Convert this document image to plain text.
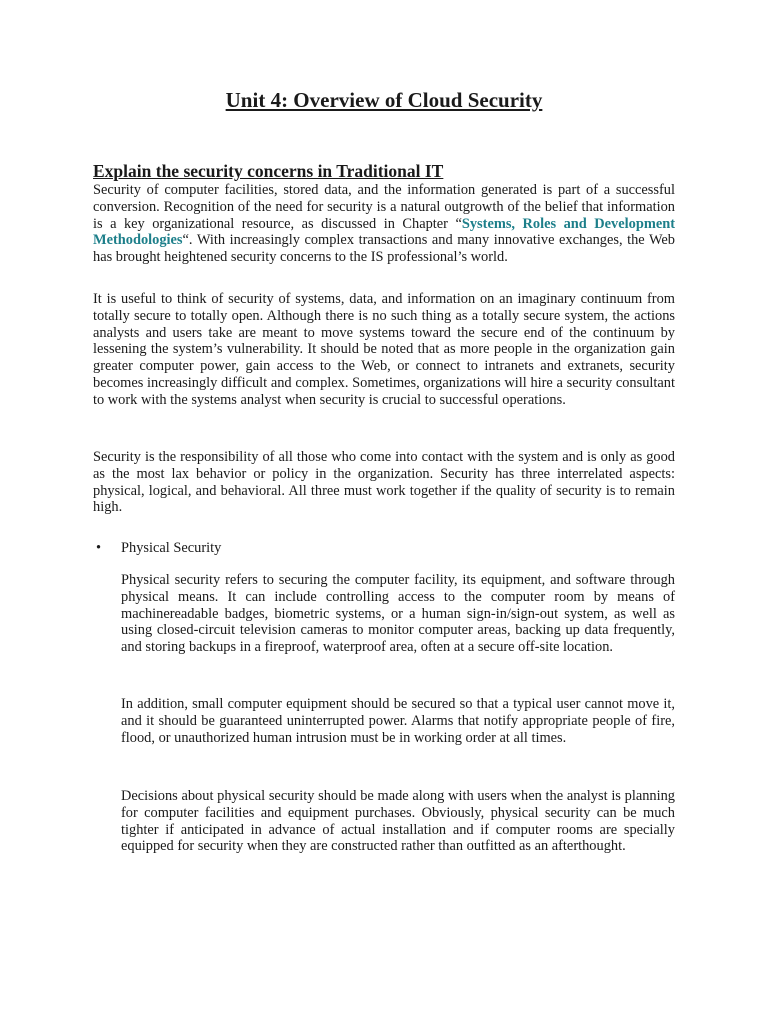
Unit 4: Overview of Cloud Security
Explain the security concerns in Traditional IT

Security of computer facilities, stored data, and the information generated is part of a successful conversion. Recognition of the need for security is a natural outgrowth of the belief that information is a key organizational resource, as discussed in Chapter “Systems, Roles and Development Methodologies“. With increasingly complex transactions and many innovative exchanges, the Web has brought heightened security concerns to the IS professional’s world.

It is useful to think of security of systems, data, and information on an imaginary continuum from totally secure to totally open. Although there is no such thing as a totally secure system, the actions analysts and users take are meant to move systems toward the secure end of the continuum by lessening the system’s vulnerability. It should be noted that as more people in the organization gain greater computer power, gain access to the Web, or connect to intranets and extranets, security becomes increasingly difficult and complex. Sometimes, organizations will hire a security consultant to work with the systems analyst when security is crucial to successful operations.

Security is the responsibility of all those who come into contact with the system and is only as good as the most lax behavior or policy in the organization. Security has three interrelated aspects: physical, logical, and behavioral. All three must work together if the quality of security is to remain high.

•	Physical Security

Physical security refers to securing the computer facility, its equipment, and software through physical means. It can include controlling access to the computer room by means of machinereadable badges, biometric systems, or a human sign-in/sign-out system, as well as using closed-circuit television cameras to monitor computer areas, backing up data frequently, and storing backups in a fireproof, waterproof area, often at a secure off-site location.

In addition, small computer equipment should be secured so that a typical user cannot move it, and it should be guaranteed uninterrupted power. Alarms that notify appropriate people of fire, flood, or unauthorized human intrusion must be in working order at all times.

Decisions about physical security should be made along with users when the analyst is planning for computer facilities and equipment purchases. Obviously, physical security can be much tighter if anticipated in advance of actual installation and if computer rooms are specially equipped for security when they are constructed rather than outfitted as an afterthought.
